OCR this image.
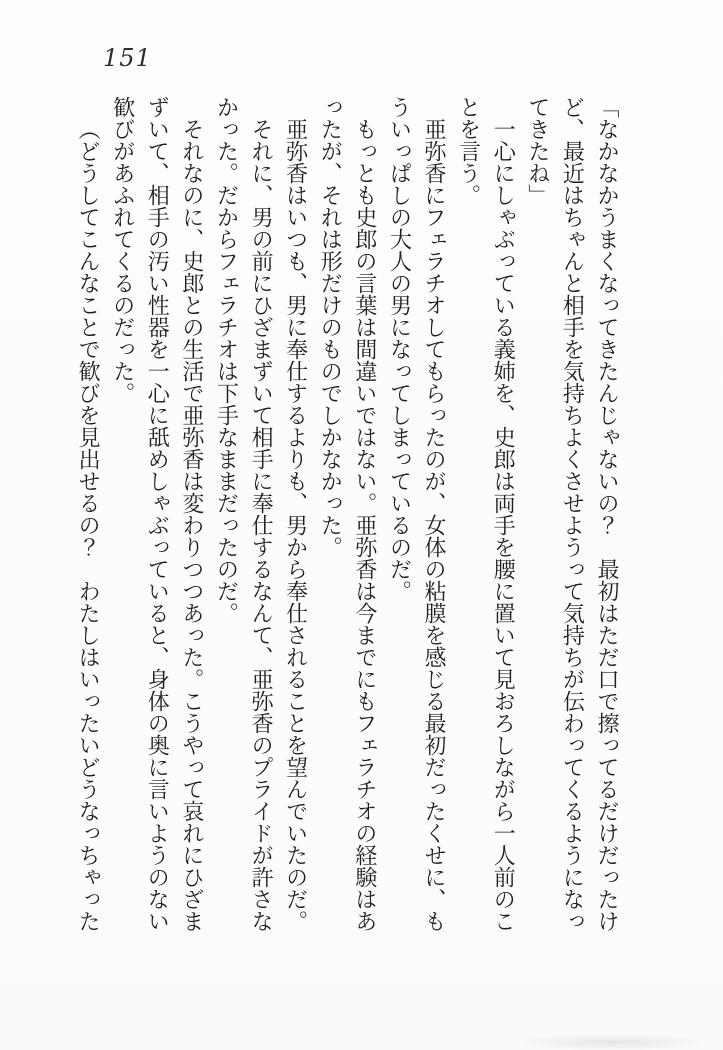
151

「なかなかうまくなってきたんじゃないの？　最初はただ口で擦ってるだけだったけど、最近はちゃんと相手を気持ちよくさせようって気持ちが伝わってくるようになってきたね」

一心にしゃぶっている義姉を、史郎は両手を腰に置いて見おろしながら一人前のことを言う。

亜弥香にフェラチオしてもらったのが、女体の粘膜を感じる最初だったくせに、もういっぱしの大人の男になってしまっているのだ。

もっとも史郎の言葉は間違いではない。亜弥香は今までにもフェラチオの経験はあったが、それは形だけのものでしかなかった。

亜弥香はいつも、男に奉仕するよりも、男から奉仕されることを望んでいたのだ。

それに、男の前にひざまずいて相手に奉仕するなんて、亜弥香のプライドが許さなかった。だからフェラチオは下手なままだったのだ。

それなのに、史郎との生活で亜弥香は変わりつつあった。こうやって哀れにひざまずいて、相手の汚い性器を一心に舐めしゃぶっていると、身体の奥に言いようのない歓びがあふれてくるのだった。

（どうしてこんなことで歓びを見出せるの？　わたしはいったいどうなっちゃった
